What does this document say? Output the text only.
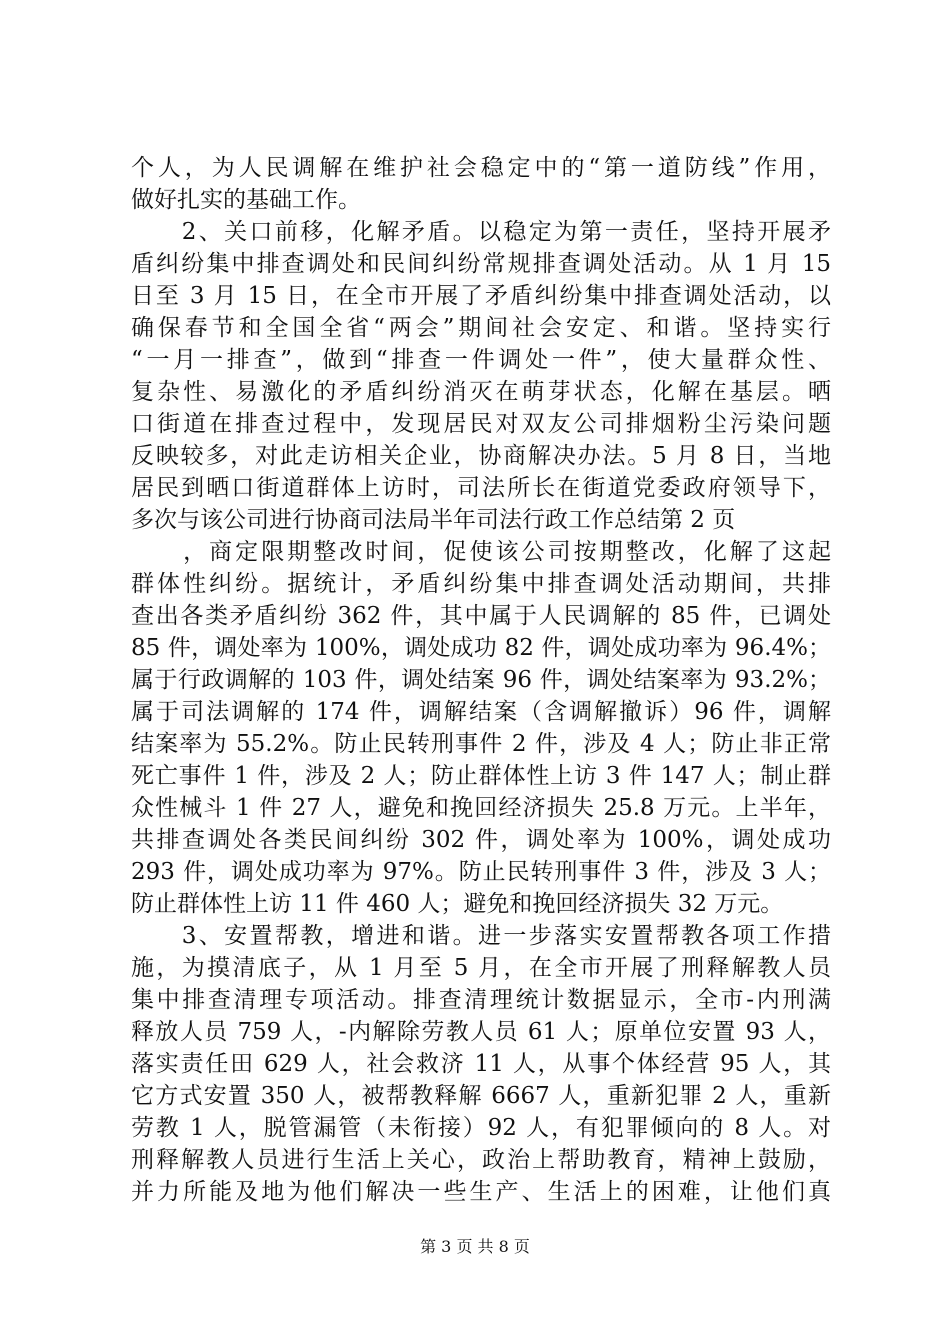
个人，为人民调解在维护社会稳定中的“第一道防线”作用，
做好扎实的基础工作。
　　2、关口前移，化解矛盾。以稳定为第一责任，坚持开展矛
盾纠纷集中排查调处和民间纠纷常规排查调处活动。从 1 月 15
日至 3 月 15 日，在全市开展了矛盾纠纷集中排查调处活动，以
确保春节和全国全省“两会”期间社会安定、和谐。坚持实行
“一月一排查”，做到“排查一件调处一件”，使大量群众性、
复杂性、易激化的矛盾纠纷消灭在萌芽状态，化解在基层。晒
口街道在排查过程中，发现居民对双友公司排烟粉尘污染问题
反映较多，对此走访相关企业，协商解决办法。5 月 8 日，当地
居民到晒口街道群体上访时，司法所长在街道党委政府领导下，
多次与该公司进行协商司法局半年司法行政工作总结第 2 页
　　，商定限期整改时间，促使该公司按期整改，化解了这起
群体性纠纷。据统计，矛盾纠纷集中排查调处活动期间，共排
查出各类矛盾纠纷 362 件，其中属于人民调解的 85 件，已调处
85 件，调处率为 100%，调处成功 82 件，调处成功率为 96.4%；
属于行政调解的 103 件，调处结案 96 件，调处结案率为 93.2%；
属于司法调解的 174 件，调解结案（含调解撤诉）96 件，调解
结案率为 55.2%。防止民转刑事件 2 件，涉及 4 人；防止非正常
死亡事件 1 件，涉及 2 人；防止群体性上访 3 件 147 人；制止群
众性械斗 1 件 27 人，避免和挽回经济损失 25.8 万元。上半年，
共排查调处各类民间纠纷 302 件，调处率为 100%，调处成功
293 件，调处成功率为 97%。防止民转刑事件 3 件，涉及 3 人；
防止群体性上访 11 件 460 人；避免和挽回经济损失 32 万元。
　　3、安置帮教，增进和谐。进一步落实安置帮教各项工作措
施，为摸清底子，从 1 月至 5 月，在全市开展了刑释解教人员
集中排查清理专项活动。排查清理统计数据显示，全市-内刑满
释放人员 759 人，-内解除劳教人员 61 人；原单位安置 93 人，
落实责任田 629 人，社会救济 11 人，从事个体经营 95 人，其
它方式安置 350 人，被帮教释解 6667 人，重新犯罪 2 人，重新
劳教 1 人，脱管漏管（未衔接）92 人，有犯罪倾向的 8 人。对
刑释解教人员进行生活上关心，政治上帮助教育，精神上鼓励，
并力所能及地为他们解决一些生产、生活上的困难，让他们真
第 3 页 共 8 页
